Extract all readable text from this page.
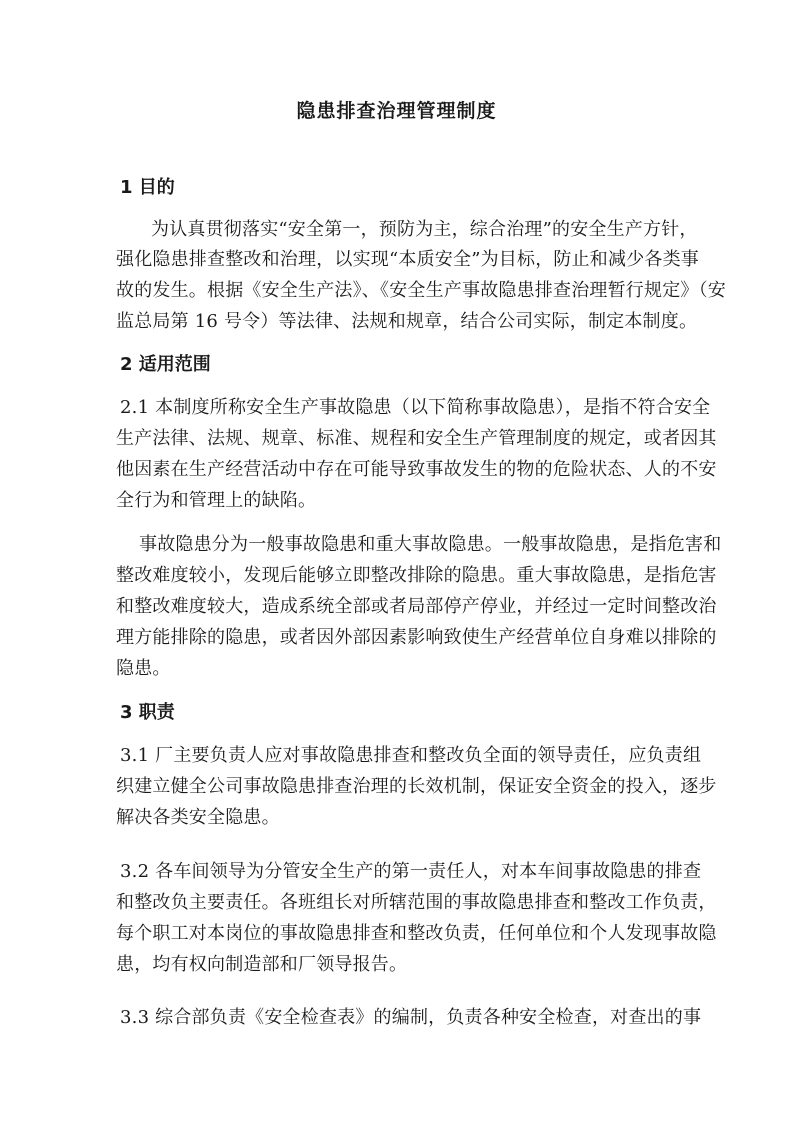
隐患排查治理管理制度
1 目的
为认真贯彻落实“安全第一，预防为主，综合治理”的安全生产方针，
强化隐患排查整改和治理，以实现“本质安全”为目标，防止和减少各类事
故的发生。根据《安全生产法》、《安全生产事故隐患排查治理暂行规定》（安
监总局第 16 号令）等法律、法规和规章，结合公司实际，制定本制度。
2 适用范围
2.1 本制度所称安全生产事故隐患（以下简称事故隐患），是指不符合安全
生产法律、法规、规章、标准、规程和安全生产管理制度的规定，或者因其
他因素在生产经营活动中存在可能导致事故发生的物的危险状态、人的不安
全行为和管理上的缺陷。
事故隐患分为一般事故隐患和重大事故隐患。一般事故隐患，是指危害和
整改难度较小，发现后能够立即整改排除的隐患。重大事故隐患，是指危害
和整改难度较大，造成系统全部或者局部停产停业，并经过一定时间整改治
理方能排除的隐患，或者因外部因素影响致使生产经营单位自身难以排除的
隐患。
3 职责
3.1 厂主要负责人应对事故隐患排查和整改负全面的领导责任，应负责组
织建立健全公司事故隐患排查治理的长效机制，保证安全资金的投入，逐步
解决各类安全隐患。
3.2 各车间领导为分管安全生产的第一责任人，对本车间事故隐患的排查
和整改负主要责任。各班组长对所辖范围的事故隐患排查和整改工作负责，
每个职工对本岗位的事故隐患排查和整改负责，任何单位和个人发现事故隐
患，均有权向制造部和厂领导报告。
3.3 综合部负责《安全检查表》的编制，负责各种安全检查，对查出的事
